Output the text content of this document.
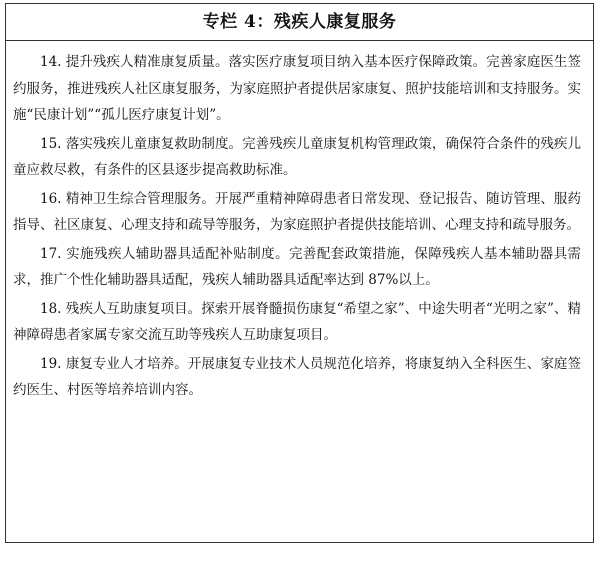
专栏 4：残疾人康复服务

14. 提升残疾人精准康复质量。落实医疗康复项目纳入基本医疗保障政策。完善家庭医生签约服务，推进残疾人社区康复服务，为家庭照护者提供居家康复、照护技能培训和支持服务。实施“民康计划”“孤儿医疗康复计划”。

15. 落实残疾儿童康复救助制度。完善残疾儿童康复机构管理政策，确保符合条件的残疾儿童应救尽救，有条件的区县逐步提高救助标准。

16. 精神卫生综合管理服务。开展严重精神障碍患者日常发现、登记报告、随访管理、服药指导、社区康复、心理支持和疏导等服务，为家庭照护者提供技能培训、心理支持和疏导服务。

17. 实施残疾人辅助器具适配补贴制度。完善配套政策措施，保障残疾人基本辅助器具需求，推广个性化辅助器具适配，残疾人辅助器具适配率达到 87%以上。

18. 残疾人互助康复项目。探索开展脊髓损伤康复“希望之家”、中途失明者“光明之家”、精神障碍患者家属专家交流互助等残疾人互助康复项目。

19. 康复专业人才培养。开展康复专业技术人员规范化培养，将康复纳入全科医生、家庭签约医生、村医等培养培训内容。
